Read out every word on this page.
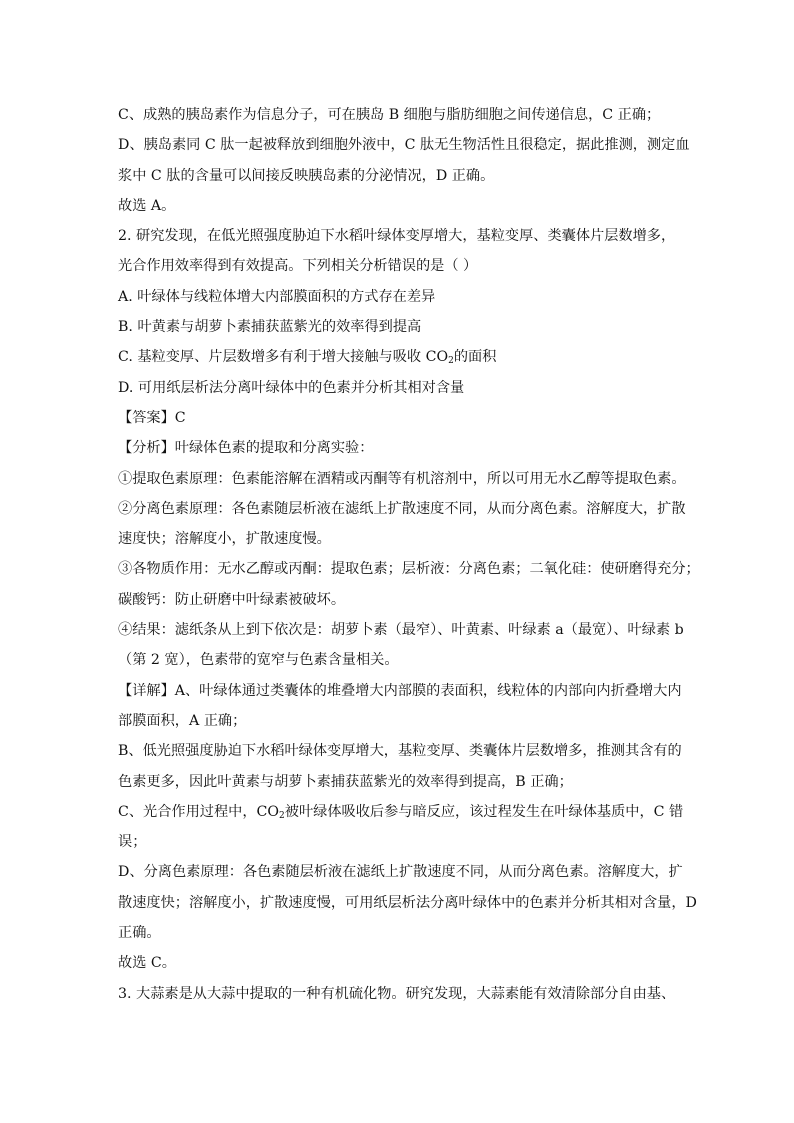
C、成熟的胰岛素作为信息分子，可在胰岛 B 细胞与脂肪细胞之间传递信息，C 正确；
D、胰岛素同 C 肽一起被释放到细胞外液中，C 肽无生物活性且很稳定，据此推测，测定血
浆中 C 肽的含量可以间接反映胰岛素的分泌情况，D 正确。
故选 A。
2. 研究发现，在低光照强度胁迫下水稻叶绿体变厚增大，基粒变厚、类囊体片层数增多，
光合作用效率得到有效提高。下列相关分析错误的是（ ）
A. 叶绿体与线粒体增大内部膜面积的方式存在差异
B. 叶黄素与胡萝卜素捕获蓝紫光的效率得到提高
C. 基粒变厚、片层数增多有利于增大接触与吸收 $CO_2$的面积
D. 可用纸层析法分离叶绿体中的色素并分析其相对含量
【答案】C
【分析】叶绿体色素的提取和分离实验：
①提取色素原理：色素能溶解在酒精或丙酮等有机溶剂中，所以可用无水乙醇等提取色素。
②分离色素原理：各色素随层析液在滤纸上扩散速度不同，从而分离色素。溶解度大，扩散
速度快；溶解度小，扩散速度慢。
③各物质作用：无水乙醇或丙酮：提取色素；层析液：分离色素；二氧化硅：使研磨得充分；
碳酸钙：防止研磨中叶绿素被破坏。
④结果：滤纸条从上到下依次是：胡萝卜素（最窄）、叶黄素、叶绿素 a（最宽）、叶绿素 b
（第 2 宽），色素带的宽窄与色素含量相关。
【详解】A、叶绿体通过类囊体的堆叠增大内部膜的表面积，线粒体的内部向内折叠增大内
部膜面积，A 正确；
B、低光照强度胁迫下水稻叶绿体变厚增大，基粒变厚、类囊体片层数增多，推测其含有的
色素更多，因此叶黄素与胡萝卜素捕获蓝紫光的效率得到提高，B 正确；
C、光合作用过程中，$CO_2$被叶绿体吸收后参与暗反应，该过程发生在叶绿体基质中，C 错
误；
D、分离色素原理：各色素随层析液在滤纸上扩散速度不同，从而分离色素。溶解度大，扩
散速度快；溶解度小，扩散速度慢，可用纸层析法分离叶绿体中的色素并分析其相对含量，D
正确。
故选 C。
3. 大蒜素是从大蒜中提取的一种有机硫化物。研究发现，大蒜素能有效清除部分自由基、
